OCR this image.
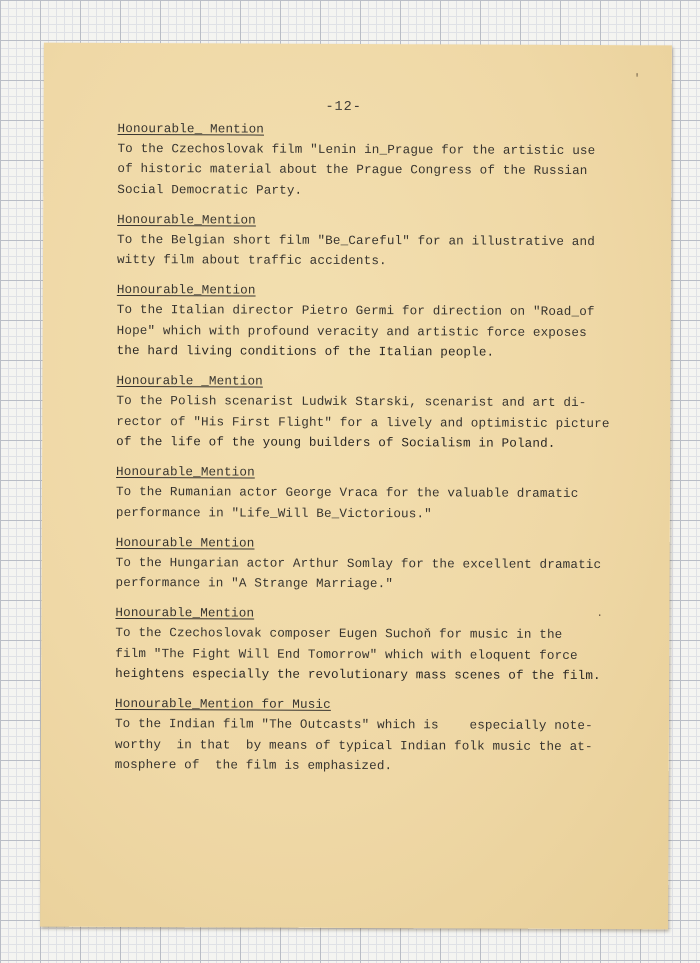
-12-
Honourable_ Mention
To the Czechoslovak film "Lenin in_Prague for the artistic use
of historic material about the Prague Congress of the Russian
Social Democratic Party.
Honourable_Mention
To the Belgian short film "Be_Careful" for an illustrative and
witty film about traffic accidents.
Honourable_Mention
To the Italian director Pietro Germi for direction on "Road_of
Hope" which with profound veracity and artistic force exposes
the hard living conditions of the Italian people.
Honourable _Mention
To the Polish scenarist Ludwik Starski, scenarist and art di-
rector of "His First Flight" for a lively and optimistic picture
of the life of the young builders of Socialism in Poland.
Honourable_Mention
To the Rumanian actor George Vraca for the valuable dramatic
performance in "Life_Will Be_Victorious."
Honourable Mention
To the Hungarian actor Arthur Somlay for the excellent dramatic
performance in "A Strange Marriage."
Honourable_Mention
To the Czechoslovak composer Eugen Suchoň for music in the
film "The Fight Will End Tomorrow" which with eloquent force
heightens especially the revolutionary mass scenes of the film.
Honourable_Mention for Music
To the Indian film "The Outcasts" which is    especially note-
worthy  in that  by means of typical Indian folk music the at-
mosphere of  the film is emphasized.
'
.
